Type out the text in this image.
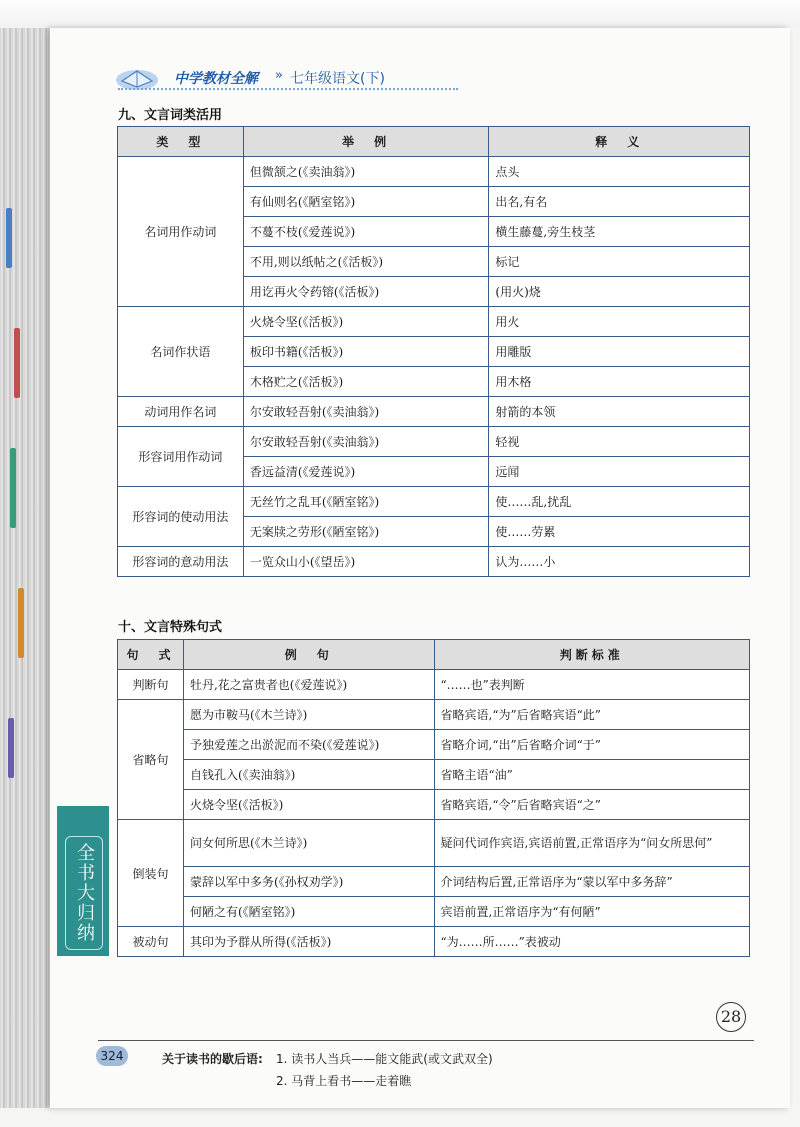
中学教材全解 » 七年级语文(下)
九、文言词类活用
类　型	举　例	释　义
名词用作动词	但微颔之(《卖油翁》)	点头
	有仙则名(《陋室铭》)	出名,有名
	不蔓不枝(《爱莲说》)	横生藤蔓,旁生枝茎
	不用,则以纸帖之(《活板》)	标记
	用讫再火令药镕(《活板》)	(用火)烧
名词作状语	火烧令坚(《活板》)	用火
	板印书籍(《活板》)	用雕版
	木格贮之(《活板》)	用木格
动词用作名词	尔安敢轻吾射(《卖油翁》)	射箭的本领
形容词用作动词	尔安敢轻吾射(《卖油翁》)	轻视
	香远益清(《爱莲说》)	远闻
形容词的使动用法	无丝竹之乱耳(《陋室铭》)	使……乱,扰乱
	无案牍之劳形(《陋室铭》)	使……劳累
形容词的意动用法	一览众山小(《望岳》)	认为……小
十、文言特殊句式
句　式	例　句	判断标准
判断句	牡丹,花之富贵者也(《爱莲说》)	“……也”表判断
省略句	愿为市鞍马(《木兰诗》)	省略宾语,“为”后省略宾语“此”
	予独爱莲之出淤泥而不染(《爱莲说》)	省略介词,“出”后省略介词“于”
	自钱孔入(《卖油翁》)	省略主语“油”
	火烧令坚(《活板》)	省略宾语,“令”后省略宾语“之”
倒装句	问女何所思(《木兰诗》)	疑问代词作宾语,宾语前置,正常语序为“问女所思何”
	蒙辞以军中多务(《孙权劝学》)	介词结构后置,正常语序为“蒙以军中多务辞”
	何陋之有(《陋室铭》)	宾语前置,正常语序为“有何陋”
被动句	其印为予群从所得(《活板》)	“为……所……”表被动
全书大归纳
28
324	关于读书的歇后语: 1. 读书人当兵——能文能武(或文武双全)
2. 马背上看书——走着瞧
